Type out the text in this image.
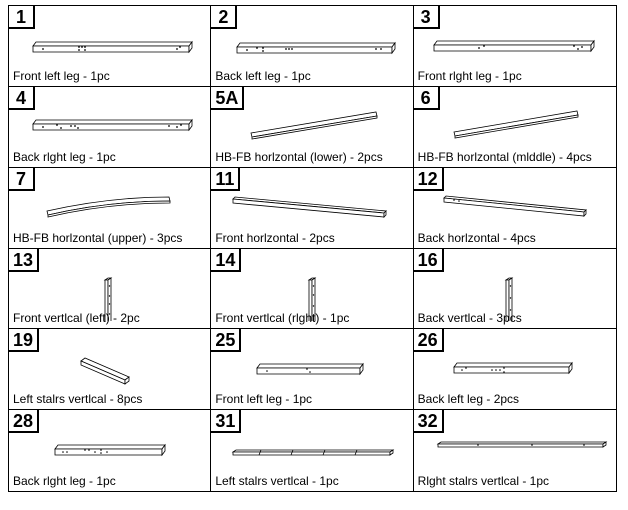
1
Front left leg - 1pc
2
Back left leg - 1pc
3
Front rlght leg - 1pc
4
Back rlght leg - 1pc
5A
HB-FB horlzontal (lower) - 2pcs
6
HB-FB horlzontal (mlddle) - 4pcs
7
HB-FB horlzontal (upper) - 3pcs
11
Front horlzontal - 2pcs
12
Back horlzontal - 4pcs
13
Front vertlcal (left) - 2pc
14
Front vertlcal (rlght) - 1pc
16
Back vertlcal - 3pcs
19
Left stalrs vertlcal - 8pcs
25
Front left leg - 1pc
26
Back left leg - 2pcs
28
Back rlght leg - 1pc
31
Left stalrs vertlcal - 1pc
32
Rlght stalrs vertlcal - 1pc
